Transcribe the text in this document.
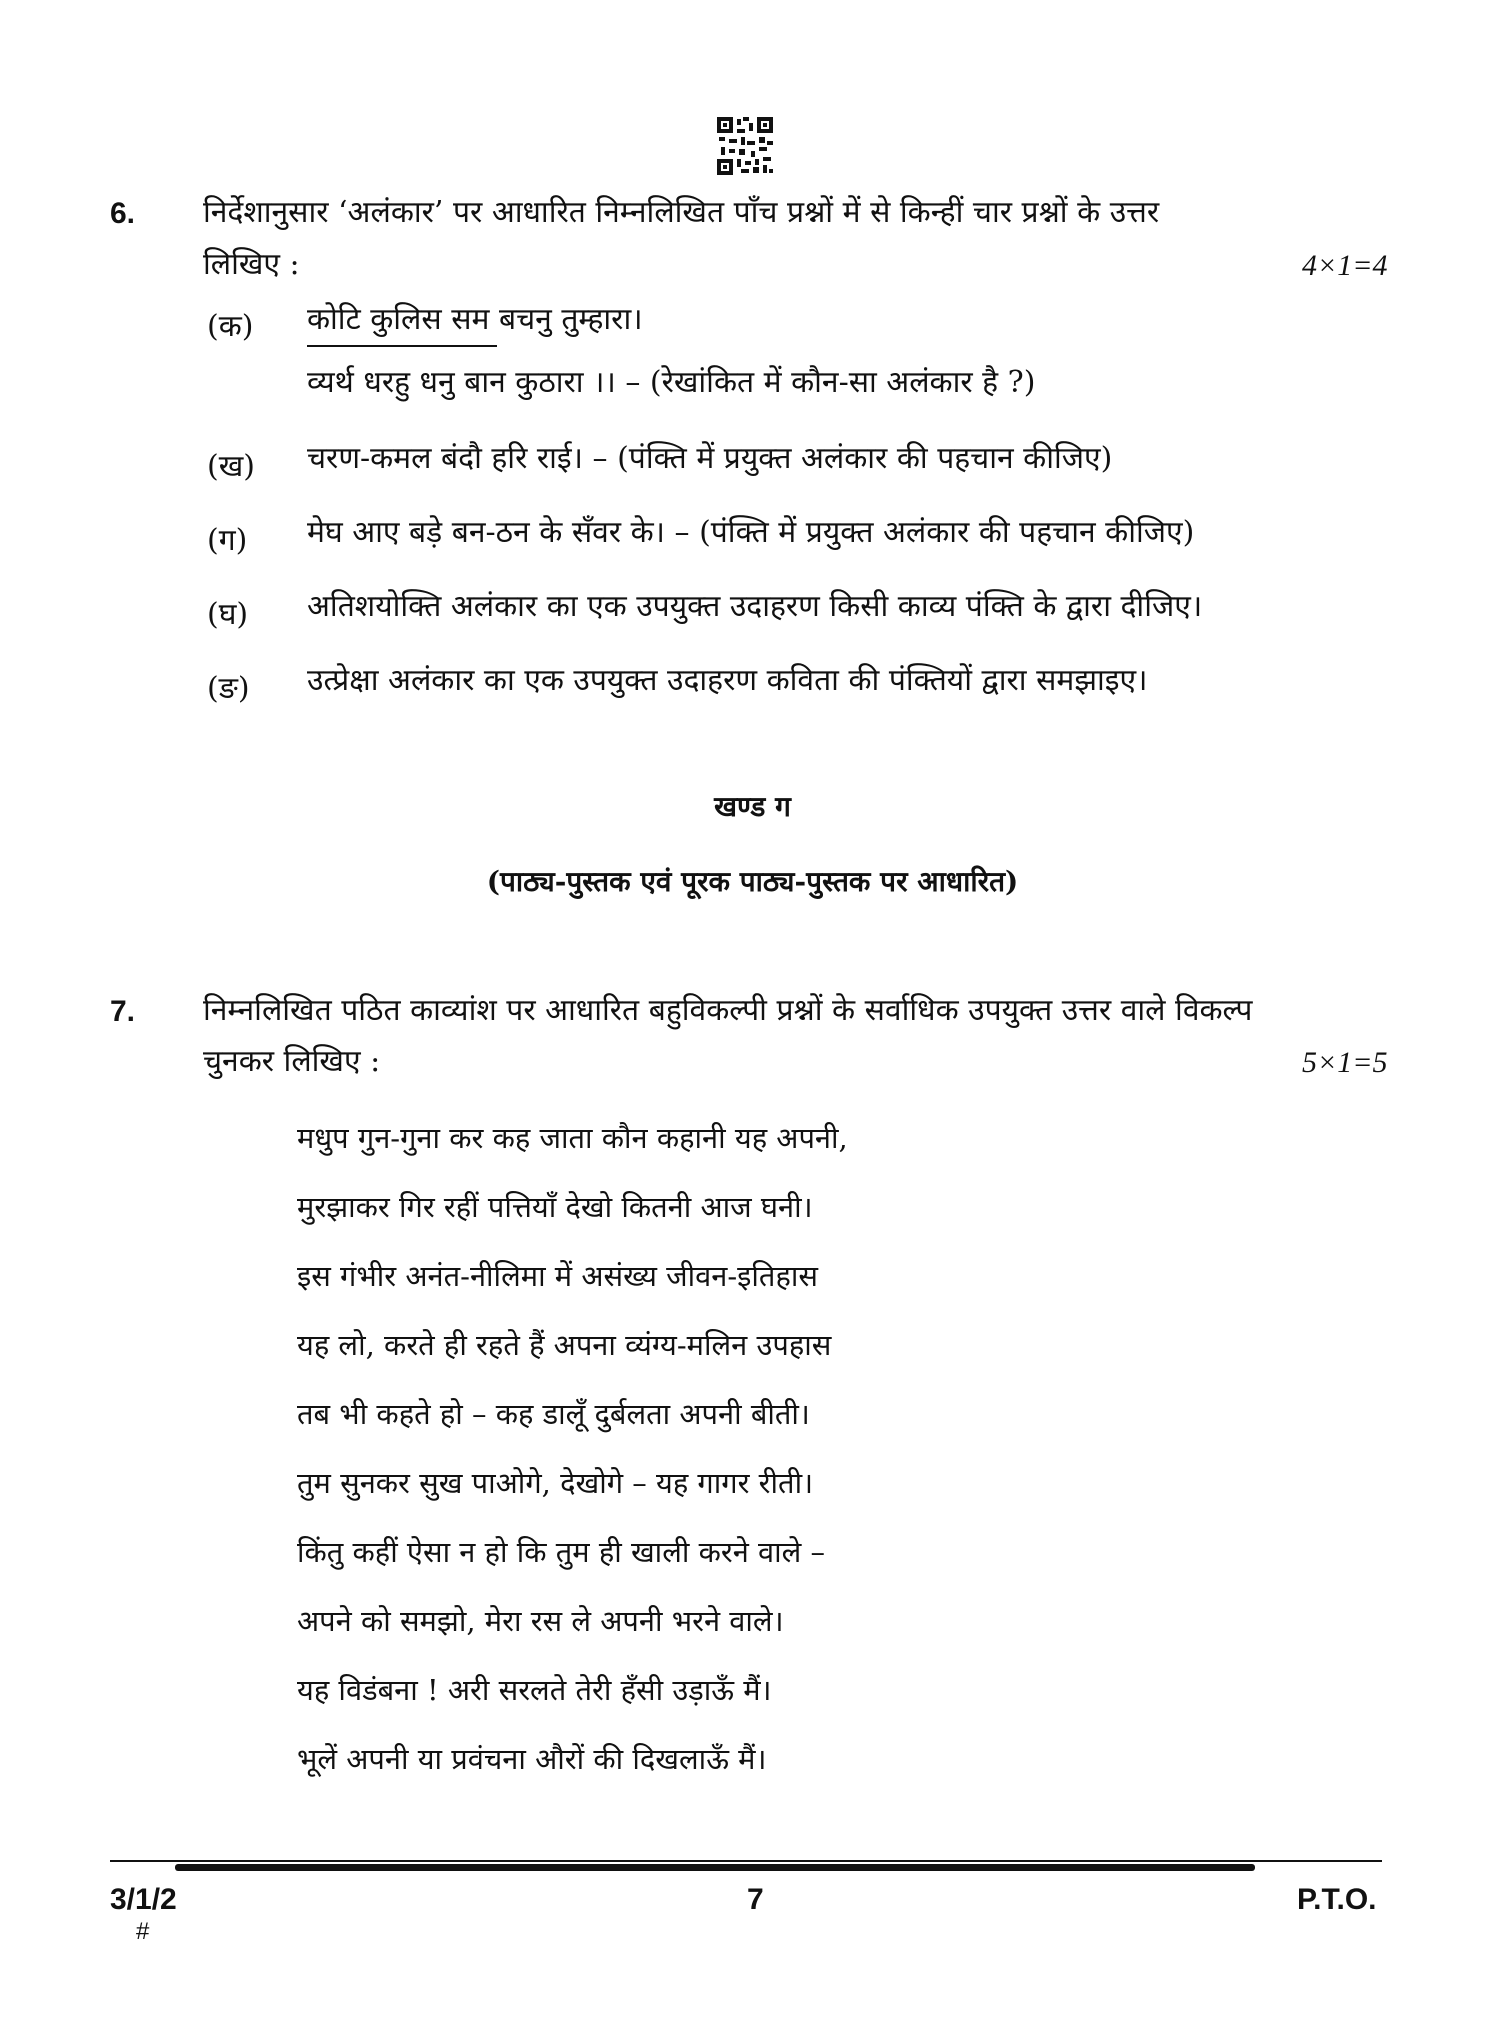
6. निर्देशानुसार ‘अलंकार’ पर आधारित निम्नलिखित पाँच प्रश्नों में से किन्हीं चार प्रश्नों के उत्तर
लिखिए :	4×1=4
(क) कोटि कुलिस सम बचनु तुम्हारा।
व्यर्थ धरहु धनु बान कुठारा ।। – (रेखांकित में कौन-सा अलंकार है ?)
(ख) चरण-कमल बंदौ हरि राई। – (पंक्ति में प्रयुक्त अलंकार की पहचान कीजिए)
(ग) मेघ आए बड़े बन-ठन के सँवर के। – (पंक्ति में प्रयुक्त अलंकार की पहचान कीजिए)
(घ) अतिशयोक्ति अलंकार का एक उपयुक्त उदाहरण किसी काव्य पंक्ति के द्वारा दीजिए।
(ङ) उत्प्रेक्षा अलंकार का एक उपयुक्त उदाहरण कविता की पंक्तियों द्वारा समझाइए।
खण्ड ग
(पाठ्य-पुस्तक एवं पूरक पाठ्य-पुस्तक पर आधारित)
7. निम्नलिखित पठित काव्यांश पर आधारित बहुविकल्पी प्रश्नों के सर्वाधिक उपयुक्त उत्तर वाले विकल्प
चुनकर लिखिए :	5×1=5
मधुप गुन-गुना कर कह जाता कौन कहानी यह अपनी,
मुरझाकर गिर रहीं पत्तियाँ देखो कितनी आज घनी।
इस गंभीर अनंत-नीलिमा में असंख्य जीवन-इतिहास
यह लो, करते ही रहते हैं अपना व्यंग्य-मलिन उपहास
तब भी कहते हो – कह डालूँ दुर्बलता अपनी बीती।
तुम सुनकर सुख पाओगे, देखोगे – यह गागर रीती।
किंतु कहीं ऐसा न हो कि तुम ही खाली करने वाले –
अपने को समझो, मेरा रस ले अपनी भरने वाले।
यह विडंबना ! अरी सरलते तेरी हँसी उड़ाऊँ मैं।
भूलें अपनी या प्रवंचना औरों की दिखलाऊँ मैं।
3/1/2
#
7	P.T.O.
